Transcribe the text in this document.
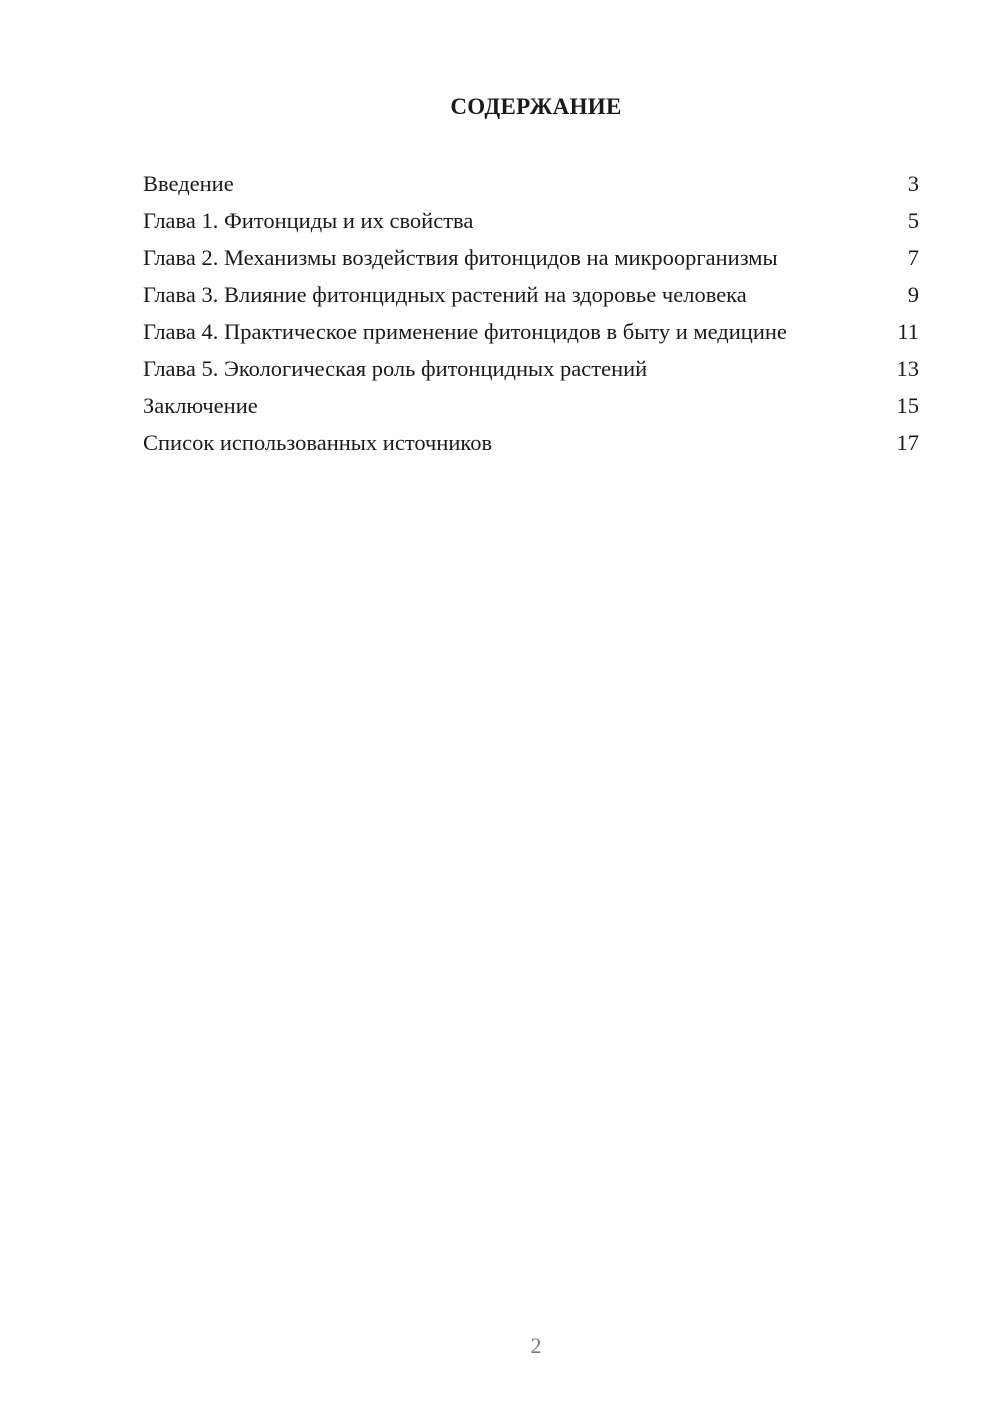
СОДЕРЖАНИЕ
Введение	3
Глава 1. Фитонциды и их свойства	5
Глава 2. Механизмы воздействия фитонцидов на микроорганизмы	7
Глава 3. Влияние фитонцидных растений на здоровье человека	9
Глава 4. Практическое применение фитонцидов в быту и медицине	11
Глава 5. Экологическая роль фитонцидных растений	13
Заключение	15
Список использованных источников	17
2
